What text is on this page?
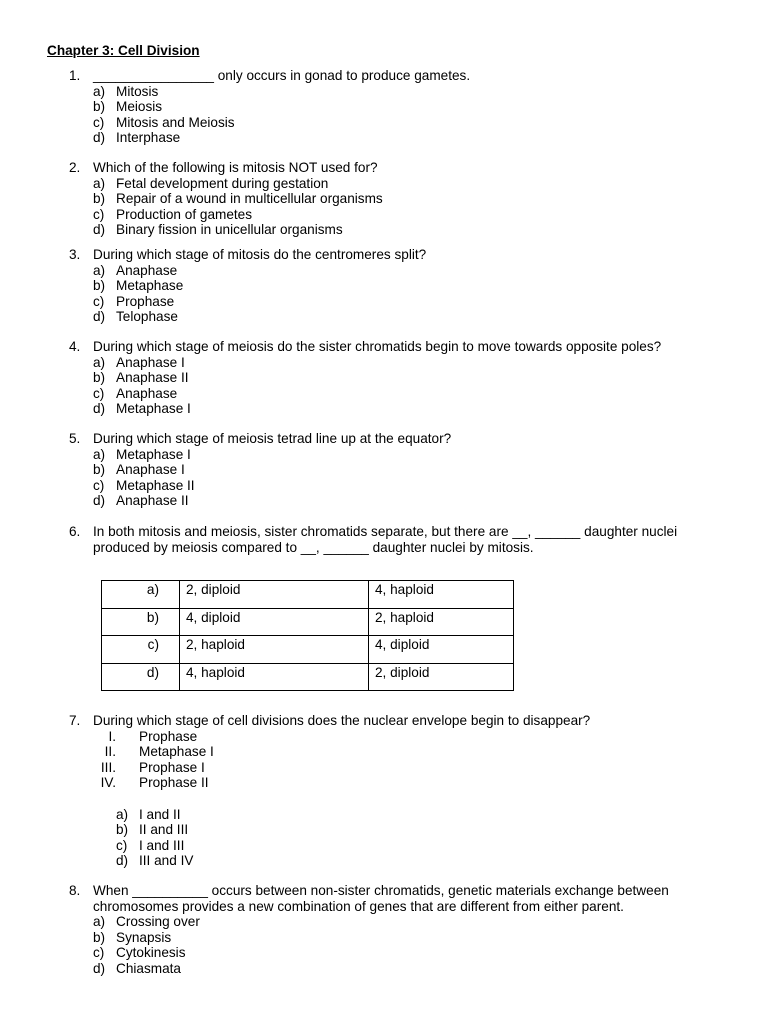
Chapter 3: Cell Division
1. ________________ only occurs in gonad to produce gametes.
a) Mitosis
b) Meiosis
c) Mitosis and Meiosis
d) Interphase
2. Which of the following is mitosis NOT used for?
a) Fetal development during gestation
b) Repair of a wound in multicellular organisms
c) Production of gametes
d) Binary fission in unicellular organisms
3. During which stage of mitosis do the centromeres split?
a) Anaphase
b) Metaphase
c) Prophase
d) Telophase
4. During which stage of meiosis do the sister chromatids begin to move towards opposite poles?
a) Anaphase I
b) Anaphase II
c) Anaphase
d) Metaphase I
5. During which stage of meiosis tetrad line up at the equator?
a) Metaphase I
b) Anaphase I
c) Metaphase II
d) Anaphase II
6. In both mitosis and meiosis, sister chromatids separate, but there are __, ______ daughter nuclei
produced by meiosis compared to __, ______ daughter nuclei by mitosis.
a)	2, diploid	4, haploid
b)	4, diploid	2, haploid
c)	2, haploid	4, diploid
d)	4, haploid	2, diploid
7. During which stage of cell divisions does the nuclear envelope begin to disappear?
I. Prophase
II. Metaphase I
III. Prophase I
IV. Prophase II
a) I and II
b) II and III
c) I and III
d) III and IV
8. When __________ occurs between non-sister chromatids, genetic materials exchange between
chromosomes provides a new combination of genes that are different from either parent.
a) Crossing over
b) Synapsis
c) Cytokinesis
d) Chiasmata
